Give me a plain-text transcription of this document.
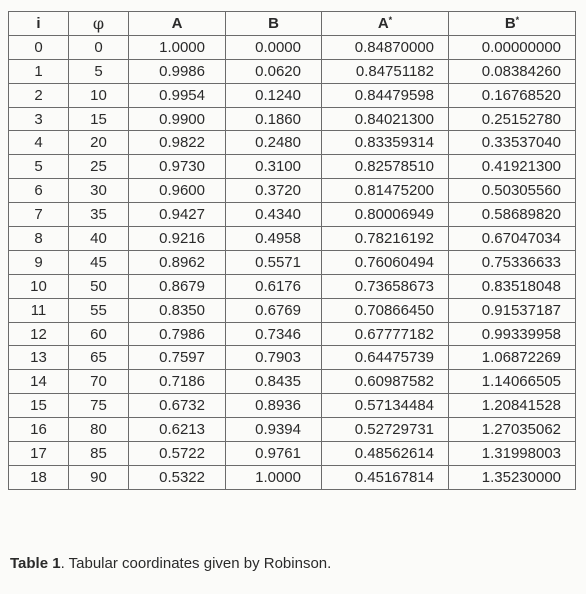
i	φ	A	B	A*	B*
0	0	1.0000	0.0000	0.84870000	0.00000000
1	5	0.9986	0.0620	0.84751182	0.08384260
2	10	0.9954	0.1240	0.84479598	0.16768520
3	15	0.9900	0.1860	0.84021300	0.25152780
4	20	0.9822	0.2480	0.83359314	0.33537040
5	25	0.9730	0.3100	0.82578510	0.41921300
6	30	0.9600	0.3720	0.81475200	0.50305560
7	35	0.9427	0.4340	0.80006949	0.58689820
8	40	0.9216	0.4958	0.78216192	0.67047034
9	45	0.8962	0.5571	0.76060494	0.75336633
10	50	0.8679	0.6176	0.73658673	0.83518048
11	55	0.8350	0.6769	0.70866450	0.91537187
12	60	0.7986	0.7346	0.67777182	0.99339958
13	65	0.7597	0.7903	0.64475739	1.06872269
14	70	0.7186	0.8435	0.60987582	1.14066505
15	75	0.6732	0.8936	0.57134484	1.20841528
16	80	0.6213	0.9394	0.52729731	1.27035062
17	85	0.5722	0.9761	0.48562614	1.31998003
18	90	0.5322	1.0000	0.45167814	1.35230000
Table 1. Tabular coordinates given by Robinson.
